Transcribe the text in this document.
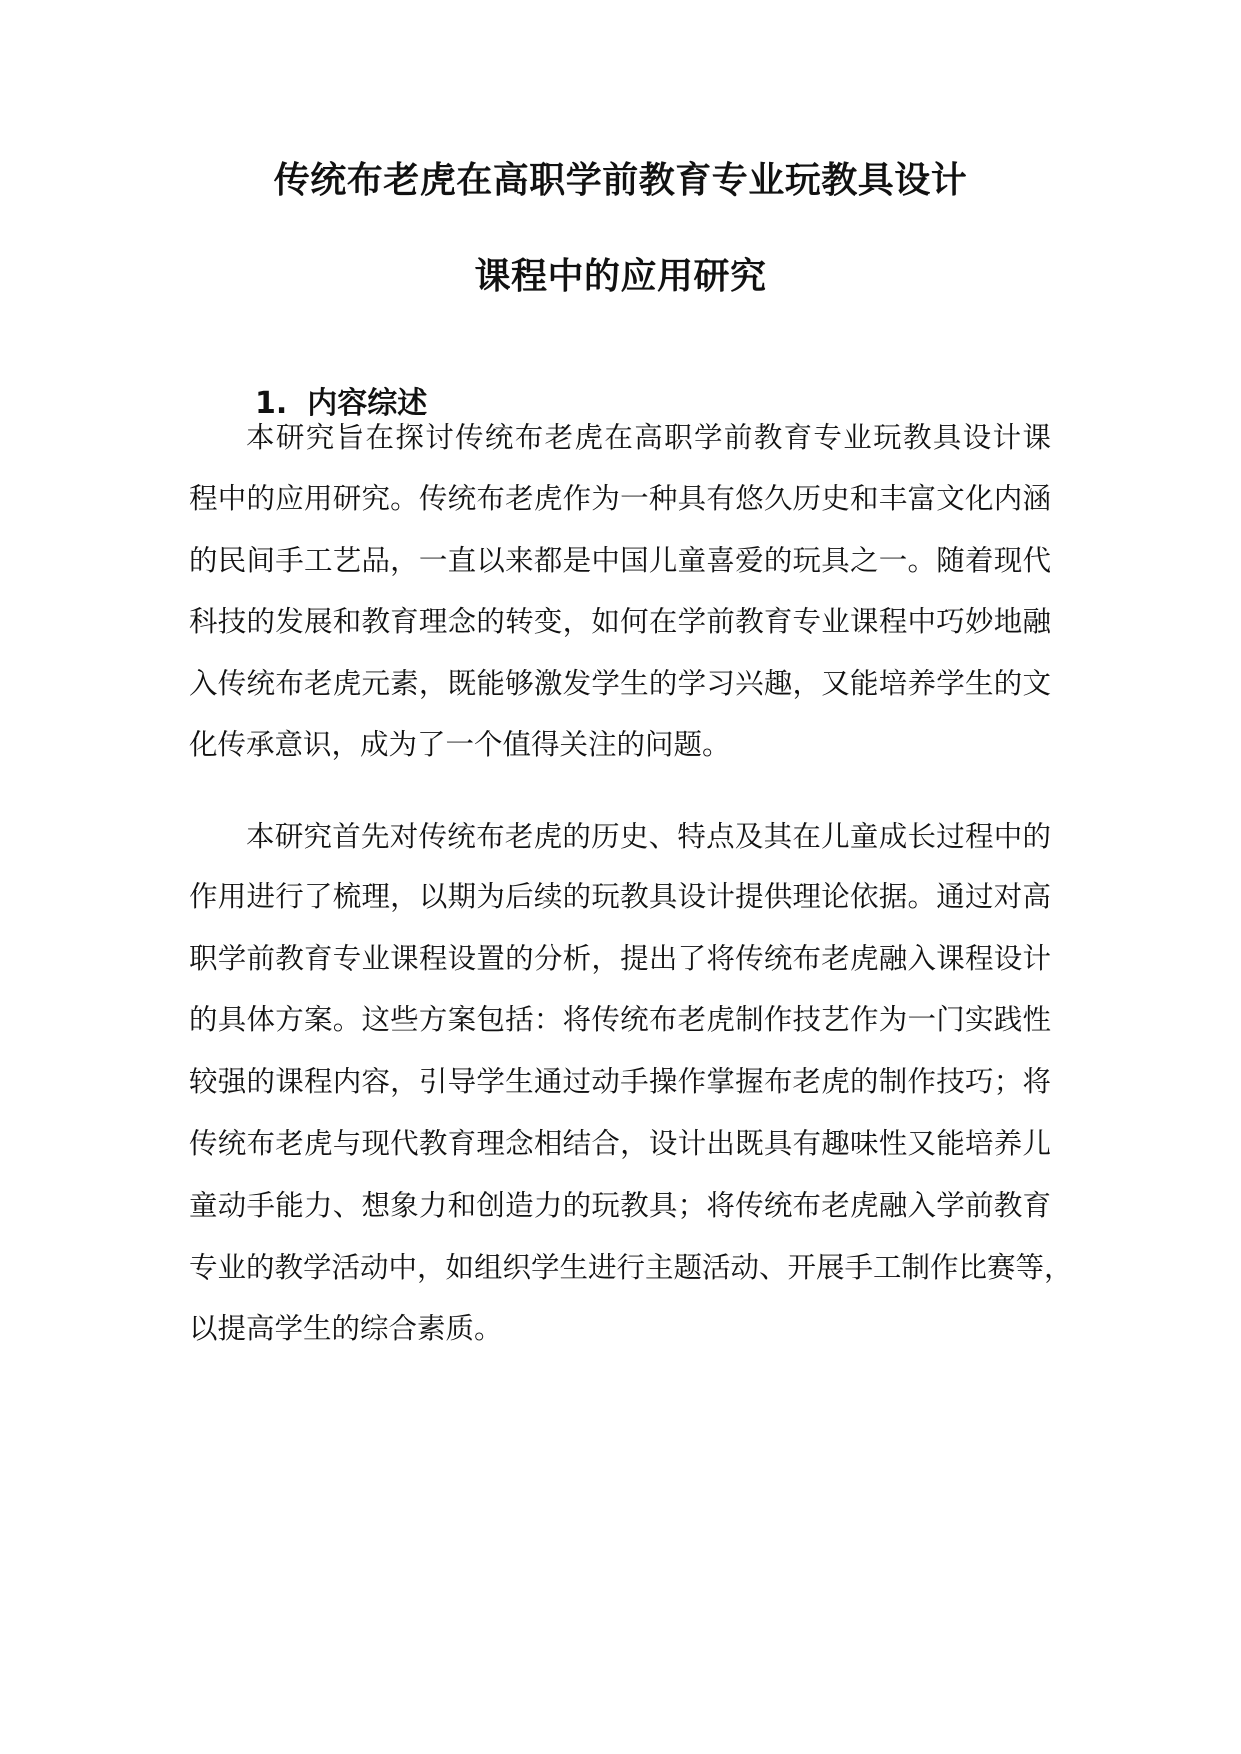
传统布老虎在高职学前教育专业玩教具设计
课程中的应用研究
1. 内容综述
本研究旨在探讨传统布老虎在高职学前教育专业玩教具设计课
程中的应用研究。传统布老虎作为一种具有悠久历史和丰富文化内涵
的民间手工艺品，一直以来都是中国儿童喜爱的玩具之一。随着现代
科技的发展和教育理念的转变，如何在学前教育专业课程中巧妙地融
入传统布老虎元素，既能够激发学生的学习兴趣，又能培养学生的文
化传承意识，成为了一个值得关注的问题。
本研究首先对传统布老虎的历史、特点及其在儿童成长过程中的
作用进行了梳理，以期为后续的玩教具设计提供理论依据。通过对高
职学前教育专业课程设置的分析，提出了将传统布老虎融入课程设计
的具体方案。这些方案包括：将传统布老虎制作技艺作为一门实践性
较强的课程内容，引导学生通过动手操作掌握布老虎的制作技巧；将
传统布老虎与现代教育理念相结合，设计出既具有趣味性又能培养儿
童动手能力、想象力和创造力的玩教具；将传统布老虎融入学前教育
专业的教学活动中，如组织学生进行主题活动、开展手工制作比赛等，
以提高学生的综合素质。
